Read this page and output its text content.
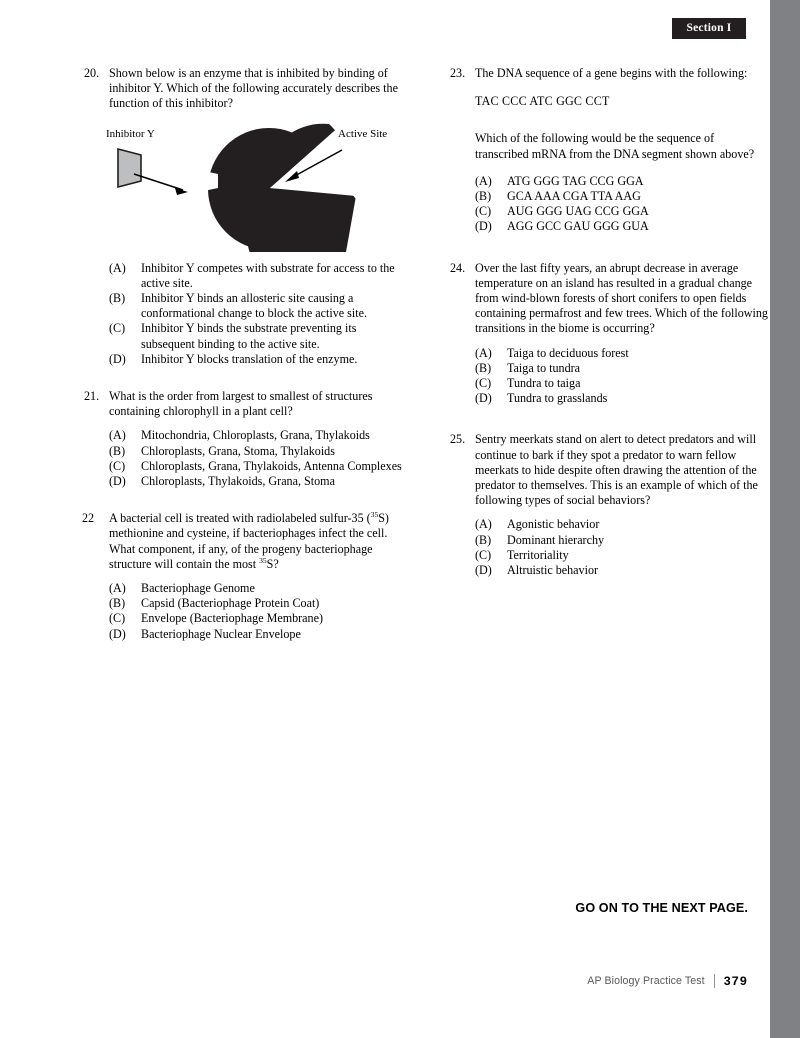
Section I
20. Shown below is an enzyme that is inhibited by binding of inhibitor Y. Which of the following accurately describes the function of this inhibitor?
Inhibitor Y	Active Site
(A)	Inhibitor Y competes with substrate for access to the active site.
(B)	Inhibitor Y binds an allosteric site causing a conformational change to block the active site.
(C)	Inhibitor Y binds the substrate preventing its subsequent binding to the active site.
(D)	Inhibitor Y blocks translation of the enzyme.
21. What is the order from largest to smallest of structures containing chlorophyll in a plant cell?
(A)	Mitochondria, Chloroplasts, Grana, Thylakoids
(B)	Chloroplasts, Grana, Stoma, Thylakoids
(C)	Chloroplasts, Grana, Thylakoids, Antenna Complexes
(D)	Chloroplasts, Thylakoids, Grana, Stoma
22	A bacterial cell is treated with radiolabeled sulfur-35 ($^{35}$S) methionine and cysteine, if bacteriophages infect the cell. What component, if any, of the progeny bacteriophage structure will contain the most $^{35}$S?
(A)	Bacteriophage Genome
(B)	Capsid (Bacteriophage Protein Coat)
(C)	Envelope (Bacteriophage Membrane)
(D)	Bacteriophage Nuclear Envelope
23. The DNA sequence of a gene begins with the following:
TAC CCC ATC GGC CCT
Which of the following would be the sequence of transcribed mRNA from the DNA segment shown above?
(A)	ATG GGG TAG CCG GGA
(B)	GCA AAA CGA TTA AAG
(C)	AUG GGG UAG CCG GGA
(D)	AGG GCC GAU GGG GUA
24. Over the last fifty years, an abrupt decrease in average temperature on an island has resulted in a gradual change from wind-blown forests of short conifers to open fields containing permafrost and few trees. Which of the following transitions in the biome is occurring?
(A)	Taiga to deciduous forest
(B)	Taiga to tundra
(C)	Tundra to taiga
(D)	Tundra to grasslands
25. Sentry meerkats stand on alert to detect predators and will continue to bark if they spot a predator to warn fellow meerkats to hide despite often drawing the attention of the predator to themselves. This is an example of which of the following types of social behaviors?
(A)	Agonistic behavior
(B)	Dominant hierarchy
(C)	Territoriality
(D)	Altruistic behavior
GO ON TO THE NEXT PAGE.
AP Biology Practice Test 379
